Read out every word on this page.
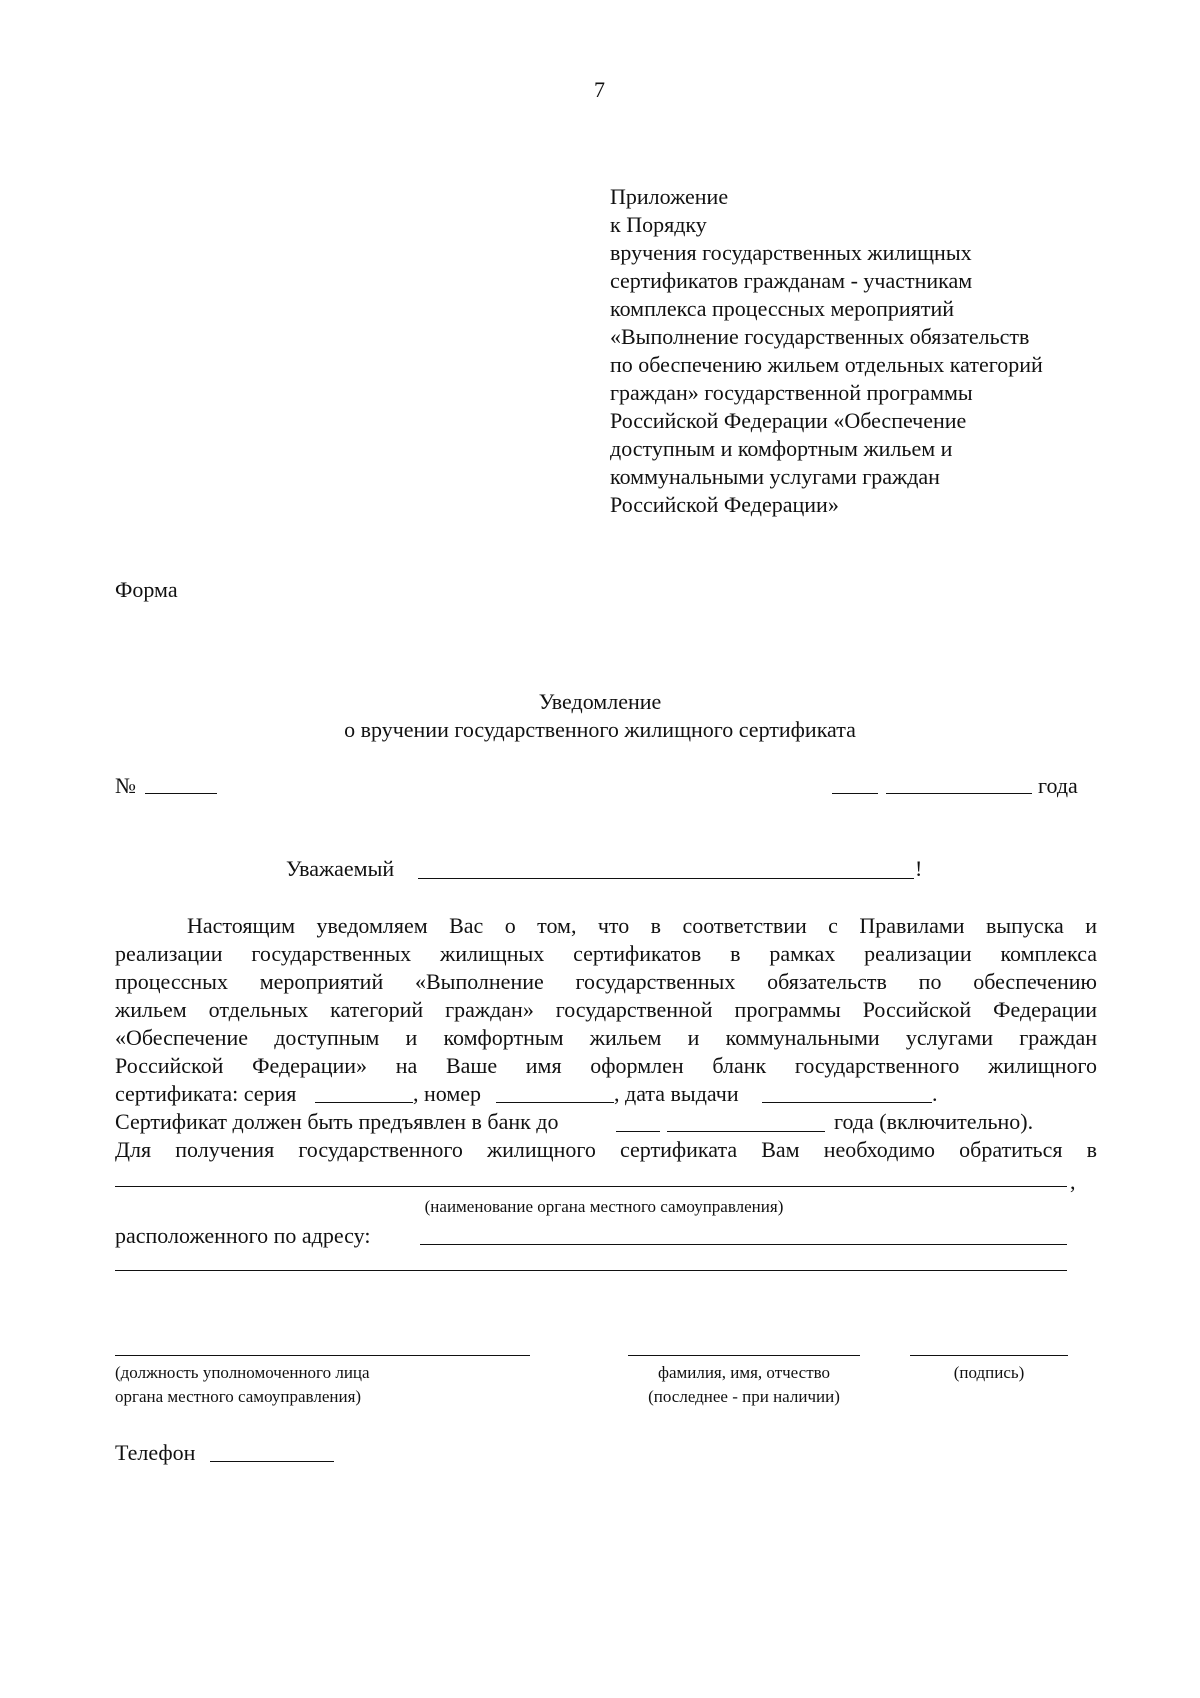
7
Приложение
к Порядку
вручения государственных жилищных
сертификатов гражданам - участникам
комплекса процессных мероприятий
«Выполнение государственных обязательств
по обеспечению жильем отдельных категорий
граждан» государственной программы
Российской Федерации «Обеспечение
доступным и комфортным жильем и
коммунальными услугами граждан
Российской Федерации»
Форма
Уведомление
о вручении государственного жилищного сертификата
№	года
Уважаемый	!
Настоящим уведомляем Вас о том, что в соответствии с Правилами выпуска и
реализации государственных жилищных сертификатов в рамках реализации комплекса
процессных мероприятий «Выполнение государственных обязательств по обеспечению
жильем отдельных категорий граждан» государственной программы Российской Федерации
«Обеспечение доступным и комфортным жильем и коммунальными услугами граждан
Российской Федерации» на Ваше имя оформлен бланк государственного жилищного
сертификата: серия	, номер	, дата выдачи	.
Сертификат должен быть предъявлен в банк до	года (включительно).
Для получения государственного жилищного сертификата Вам необходимо обратиться в
,
(наименование органа местного самоуправления)
расположенного по адресу:
(должность уполномоченного лица
органа местного самоуправления)
фамилия, имя, отчество
(последнее - при наличии)
(подпись)
Телефон
